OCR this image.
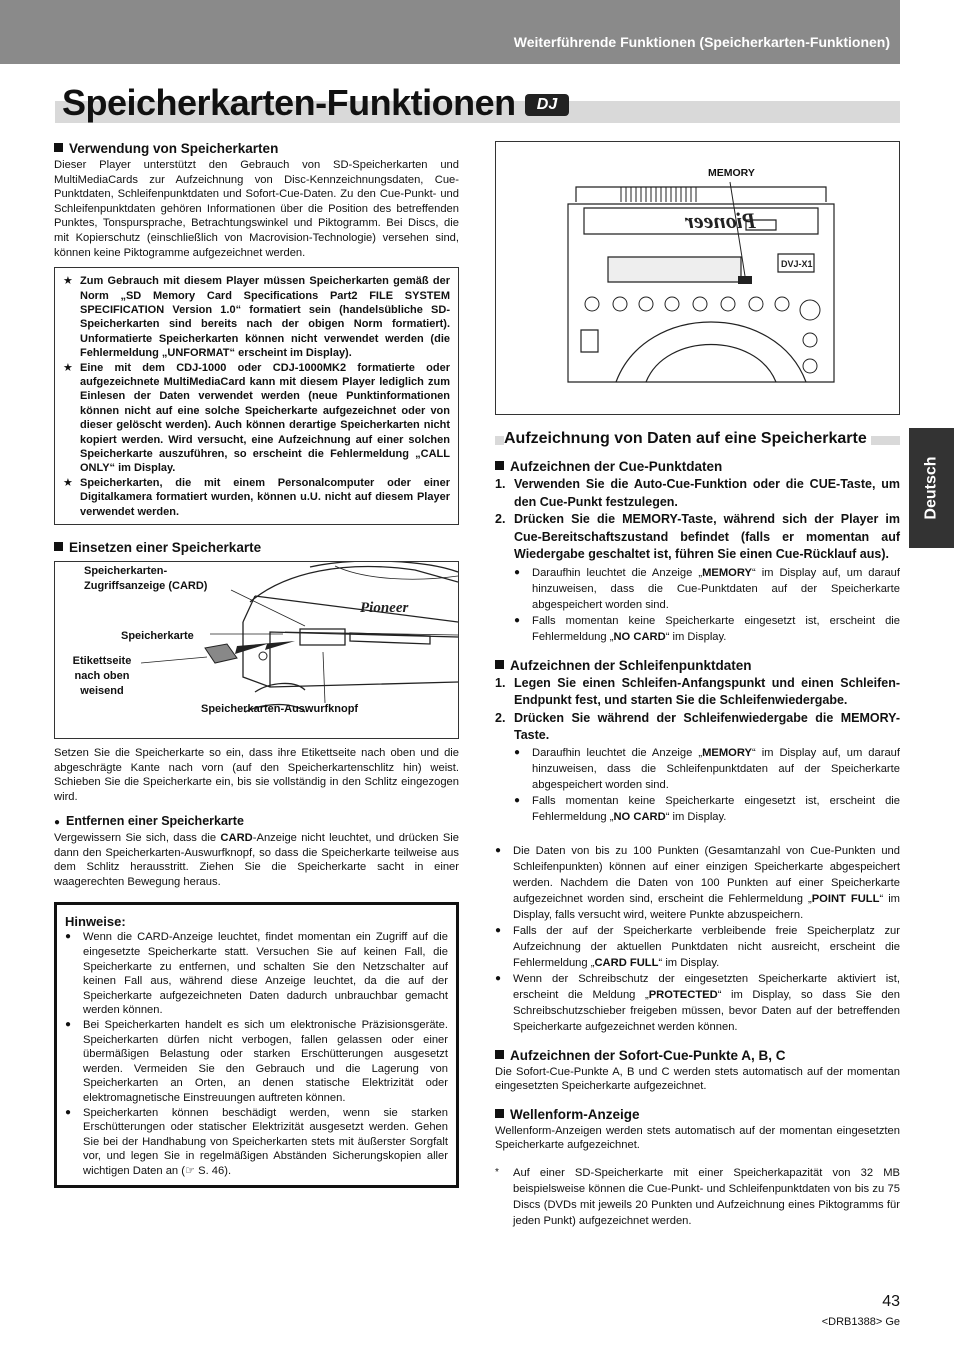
Weiterführende Funktionen (Speicherkarten-Funktionen)
Speicherkarten-Funktionen	DJ
Deutsch
Verwendung von Speicherkarten

Dieser Player unterstützt den Gebrauch von SD-Speicherkarten und MultiMediaCards zur Aufzeichnung von Disc-Kennzeichnungsdaten, Cue-Punktdaten, Schleifenpunktdaten und Sofort-Cue-Daten. Zu den Cue-Punkt- und Schleifenpunktdaten gehören Informationen über die Position des betreffenden Punktes, Tonspursprache, Betrachtungswinkel und Piktogramm. Bei Discs, die mit Kopierschutz (einschließlich von Macrovision-Technologie) versehen sind, können keine Piktogramme aufgezeichnet werden.

★ Zum Gebrauch mit diesem Player müssen Speicherkarten gemäß der Norm „SD Memory Card Specifications Part2 FILE SYSTEM SPECIFICATION Version 1.0“ formatiert sein (handelsübliche SD-Speicherkarten sind bereits nach der obigen Norm formatiert). Unformatierte Speicherkarten können nicht verwendet werden (die Fehlermeldung „UNFORMAT“ erscheint im Display).
★ Eine mit dem CDJ-1000 oder CDJ-1000MK2 formatierte oder aufgezeichnete MultiMediaCard kann mit diesem Player lediglich zum Einlesen der Daten verwendet werden (neue Punktinformationen können nicht auf eine solche Speicherkarte aufgezeichnet oder von dieser gelöscht werden). Auch können derartige Speicherkarten nicht kopiert werden. Wird versucht, eine Aufzeichnung auf einer solchen Speicherkarte auszuführen, so erscheint die Fehlermeldung „CALL ONLY“ im Display.
★ Speicherkarten, die mit einem Personalcomputer oder einer Digitalkamera formatiert wurden, können u.U. nicht auf diesem Player verwendet werden.
Einsetzen einer Speicherkarte
Pioneer
Speicherkarten-Zugriffsanzeige (CARD)
Speicherkarte
Etikettseite nach oben weisend
Speicherkarten-Auswurfknopf

Setzen Sie die Speicherkarte so ein, dass ihre Etikettseite nach oben und die abgeschrägte Kante nach vorn (auf den Speicherkartenschlitz hin) weist. Schieben Sie die Speicherkarte ein, bis sie vollständig in den Schlitz eingezogen wird.

● Entfernen einer Speicherkarte

Vergewissern Sie sich, dass die CARD-Anzeige nicht leuchtet, und drücken Sie dann den Speicherkarten-Auswurfknopf, so dass die Speicherkarte teilweise aus dem Schlitz herausstritt. Ziehen Sie die Speicherkarte sacht in einer waagerechten Bewegung heraus.

Hinweise:
●	Wenn die CARD-Anzeige leuchtet, findet momentan ein Zugriff auf die eingesetzte Speicherkarte statt. Versuchen Sie auf keinen Fall, die Speicherkarte zu entfernen, und schalten Sie den Netzschalter auf keinen Fall aus, während diese Anzeige leuchtet, da die auf der Speicherkarte aufgezeichneten Daten dadurch unbrauchbar gemacht werden können.
●	Bei Speicherkarten handelt es sich um elektronische Präzisionsgeräte. Speicherkarten dürfen nicht verbogen, fallen gelassen oder einer übermäßigen Belastung oder starken Erschütterungen ausgesetzt werden. Vermeiden Sie den Gebrauch und die Lagerung von Speicherkarten an Orten, an denen statische Elektrizität oder elektromagnetische Einstreuungen auftreten können.
●	Speicherkarten können beschädigt werden, wenn sie starken Erschütterungen oder statischer Elektrizität ausgesetzt werden. Gehen Sie bei der Handhabung von Speicherkarten stets mit äußerster Sorgfalt vor, und legen Sie in regelmäßigen Abständen Sicherungskopien aller wichtigen Daten an (☞ S. 46).
Pioneer
DVJ-X1
MEMORY
Aufzeichnung von Daten auf eine Speicherkarte
Aufzeichnen der Cue-Punktdaten
1. Verwenden Sie die Auto-Cue-Funktion oder die CUE-Taste, um den Cue-Punkt festzulegen.
2. Drücken Sie die MEMORY-Taste, während sich der Player im Cue-Bereitschaftszustand befindet (falls er momentan auf Wiedergabe geschaltet ist, führen Sie einen Cue-Rücklauf aus).
●	Daraufhin leuchtet die Anzeige „MEMORY“ im Display auf, um darauf hinzuweisen, dass die Cue-Punktdaten auf der Speicherkarte abgespeichert worden sind.
●	Falls momentan keine Speicherkarte eingesetzt ist, erscheint die Fehlermeldung „NO CARD“ im Display.
Aufzeichnen der Schleifenpunktdaten
1. Legen Sie einen Schleifen-Anfangspunkt und einen Schleifen-Endpunkt fest, und starten Sie die Schleifenwiedergabe.
2. Drücken Sie während der Schleifenwiedergabe die MEMORY-Taste.
●	Daraufhin leuchtet die Anzeige „MEMORY“ im Display auf, um darauf hinzuweisen, dass die Schleifenpunktdaten auf der Speicherkarte abgespeichert worden sind.
●	Falls momentan keine Speicherkarte eingesetzt ist, erscheint die Fehlermeldung „NO CARD“ im Display.
●	Die Daten von bis zu 100 Punkten (Gesamtanzahl von Cue-Punkten und Schleifenpunkten) können auf einer einzigen Speicherkarte abgespeichert werden. Nachdem die Daten von 100 Punkten auf einer Speicherkarte aufgezeichnet worden sind, erscheint die Fehlermeldung „POINT FULL“ im Display, falls versucht wird, weitere Punkte abzuspeichern.
●	Falls der auf der Speicherkarte verbleibende freie Speicherplatz zur Aufzeichnung der aktuellen Punktdaten nicht ausreicht, erscheint die Fehlermeldung „CARD FULL“ im Display.
●	Wenn der Schreibschutz der eingesetzten Speicherkarte aktiviert ist, erscheint die Meldung „PROTECTED“ im Display, so dass Sie den Schreibschutzschieber freigeben müssen, bevor Daten auf der betreffenden Speicherkarte aufgezeichnet werden können.
Aufzeichnen der Sofort-Cue-Punkte A, B, C

Die Sofort-Cue-Punkte A, B und C werden stets automatisch auf der momentan eingesetzten Speicherkarte aufgezeichnet.

Wellenform-Anzeige

Wellenform-Anzeigen werden stets automatisch auf der momentan eingesetzten Speicherkarte aufgezeichnet.

*	Auf einer SD-Speicherkarte mit einer Speicherkapazität von 32 MB beispielsweise können die Cue-Punkt- und Schleifenpunktdaten von bis zu 75 Discs (DVDs mit jeweils 20 Punkten und Aufzeichnung eines Piktogramms für jeden Punkt) aufgezeichnet werden.
43
<DRB1388> Ge
